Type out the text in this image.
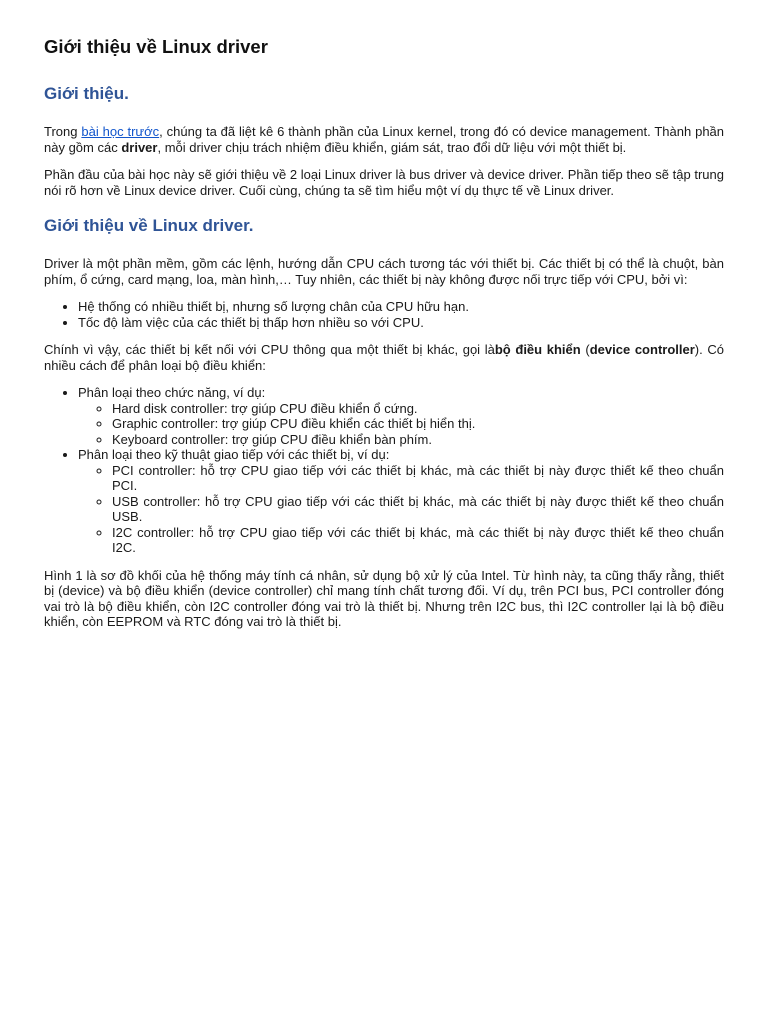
Giới thiệu về Linux driver
Giới thiệu.

Trong bài học trước, chúng ta đã liệt kê 6 thành phần của Linux kernel, trong đó có device management. Thành phần này gồm các driver, mỗi driver chịu trách nhiệm điều khiển, giám sát, trao đổi dữ liệu với một thiết bị.

Phần đầu của bài học này sẽ giới thiệu về 2 loại Linux driver là bus driver và device driver. Phần tiếp theo sẽ tập trung nói rõ hơn về Linux device driver. Cuối cùng, chúng ta sẽ tìm hiểu một ví dụ thực tế về Linux driver.

Giới thiệu về Linux driver.

Driver là một phần mềm, gồm các lệnh, hướng dẫn CPU cách tương tác với thiết bị. Các thiết bị có thể là chuột, bàn phím, ổ cứng, card mạng, loa, màn hình,… Tuy nhiên, các thiết bị này không được nối trực tiếp với CPU, bởi vì:

• Hệ thống có nhiều thiết bị, nhưng số lượng chân của CPU hữu hạn.
• Tốc độ làm việc của các thiết bị thấp hơn nhiều so với CPU.

Chính vì vậy, các thiết bị kết nối với CPU thông qua một thiết bị khác, gọi làbộ điều khiển (device controller). Có nhiều cách để phân loại bộ điều khiển:

• Phân loại theo chức năng, ví dụ:
◦ Hard disk controller: trợ giúp CPU điều khiển ổ cứng.
◦ Graphic controller: trợ giúp CPU điều khiển các thiết bị hiển thị.
◦ Keyboard controller: trợ giúp CPU điều khiển bàn phím.
• Phân loại theo kỹ thuật giao tiếp với các thiết bị, ví dụ:
◦ PCI controller: hỗ trợ CPU giao tiếp với các thiết bị khác, mà các thiết bị này được thiết kế theo chuẩn PCI.
◦ USB controller: hỗ trợ CPU giao tiếp với các thiết bị khác, mà các thiết bị này được thiết kế theo chuẩn USB.
◦ I2C controller: hỗ trợ CPU giao tiếp với các thiết bị khác, mà các thiết bị này được thiết kế theo chuẩn I2C.

Hình 1 là sơ đồ khối của hệ thống máy tính cá nhân, sử dụng bộ xử lý của Intel. Từ hình này, ta cũng thấy rằng, thiết bị (device) và bộ điều khiển (device controller) chỉ mang tính chất tương đối. Ví dụ, trên PCI bus, PCI controller đóng vai trò là bộ điều khiển, còn I2C controller đóng vai trò là thiết bị. Nhưng trên I2C bus, thì I2C controller lại là bộ điều khiển, còn EEPROM và RTC đóng vai trò là thiết bị.
